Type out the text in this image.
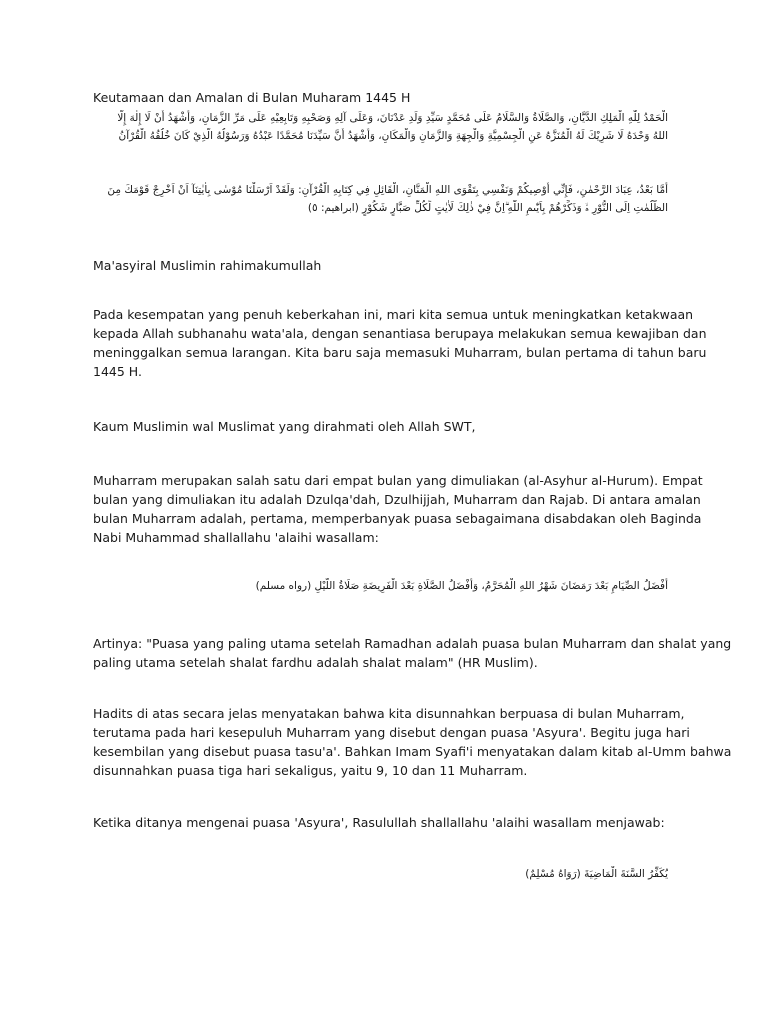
Keutamaan dan Amalan di Bulan Muharam 1445 H
الْحَمْدُ لِلّٰهِ الْمَلِكِ الدَّيَّانِ، وَالصَّلَاةُ وَالسَّلَامُ عَلَى مُحَمَّدٍ سَيِّدِ وَلَدِ عَدْنَانَ، وَعَلَى آلِهِ وَصَحْبِهِ وَتَابِعِيْهِ عَلَى مَرِّ الزَّمَانِ، وَأَشْهَدُ أَنْ لَا إِلٰهَ إِلَّا
اللهُ وَحْدَهُ لَا شَرِيْكَ لَهُ الْمُنَزَّهُ عَنِ الْجِسْمِيَّةِ وَالْجِهَةِ وَالزَّمَانِ وَالْمَكَانِ، وَأَشْهَدُ أَنَّ سَيِّدَنَا مُحَمَّدًا عَبْدُهُ وَرَسُوْلُهُ الَّذِيْ كَانَ خُلُقُهُ الْقُرْآنُ
أَمَّا بَعْدُ، عِبَادَ الرَّحْمٰنِ، فَإِنِّي أُوْصِيكُمْ وَنَفْسِي بِتَقْوَى اللهِ الْمَنَّانِ، الْقَائِلِ فِي كِتَابِهِ الْقُرْآنِ: وَلَقَدْ اَرْسَلْنَا مُوْسٰى بِاٰيٰتِنَآ اَنْ اَخْرِجْ قَوْمَكَ مِنَ
الظُّلُمٰتِ اِلَى النُّوْرِ ەۙ وَذَكِّرْهُمْ بِاَيّٰىمِ اللّٰهِ ۗاِنَّ فِيْ ذٰلِكَ لَاٰيٰتٍ لِّكُلِّ صَبَّارٍ شَكُوْرٍ (ابراهيم: ٥)
Ma'asyiral Muslimin rahimakumullah
Pada kesempatan yang penuh keberkahan ini, mari kita semua untuk meningkatkan ketakwaan
kepada Allah subhanahu wata'ala, dengan senantiasa berupaya melakukan semua kewajiban dan
meninggalkan semua larangan. Kita baru saja memasuki Muharram, bulan pertama di tahun baru
1445 H.
Kaum Muslimin wal Muslimat yang dirahmati oleh Allah SWT,
Muharram merupakan salah satu dari empat bulan yang dimuliakan (al-Asyhur al-Hurum). Empat
bulan yang dimuliakan itu adalah Dzulqa'dah, Dzulhijjah, Muharram dan Rajab. Di antara amalan
bulan Muharram adalah, pertama, memperbanyak puasa sebagaimana disabdakan oleh Baginda
Nabi Muhammad shallallahu 'alaihi wasallam:
أَفْضَلُ الصِّيَامِ بَعْدَ رَمَضَانَ شَهْرُ اللهِ الْمُحَرَّمُ، وَأَفْضَلُ الصَّلَاةِ بَعْدَ الْفَرِيضَةِ صَلَاةُ اللَّيْلِ (رواه مسلم)
Artinya: "Puasa yang paling utama setelah Ramadhan adalah puasa bulan Muharram dan shalat yang
paling utama setelah shalat fardhu adalah shalat malam" (HR Muslim).
Hadits di atas secara jelas menyatakan bahwa kita disunnahkan berpuasa di bulan Muharram,
terutama pada hari kesepuluh Muharram yang disebut dengan puasa 'Asyura'. Begitu juga hari
kesembilan yang disebut puasa tasu'a'. Bahkan Imam Syafi'i menyatakan dalam kitab al-Umm bahwa
disunnahkan puasa tiga hari sekaligus, yaitu 9, 10 dan 11 Muharram.
Ketika ditanya mengenai puasa 'Asyura', Rasulullah shallallahu 'alaihi wasallam menjawab:
يُكَفِّرُ السَّنَةَ الْمَاضِيَةَ (رَوَاهُ مُسْلِمٌ)
